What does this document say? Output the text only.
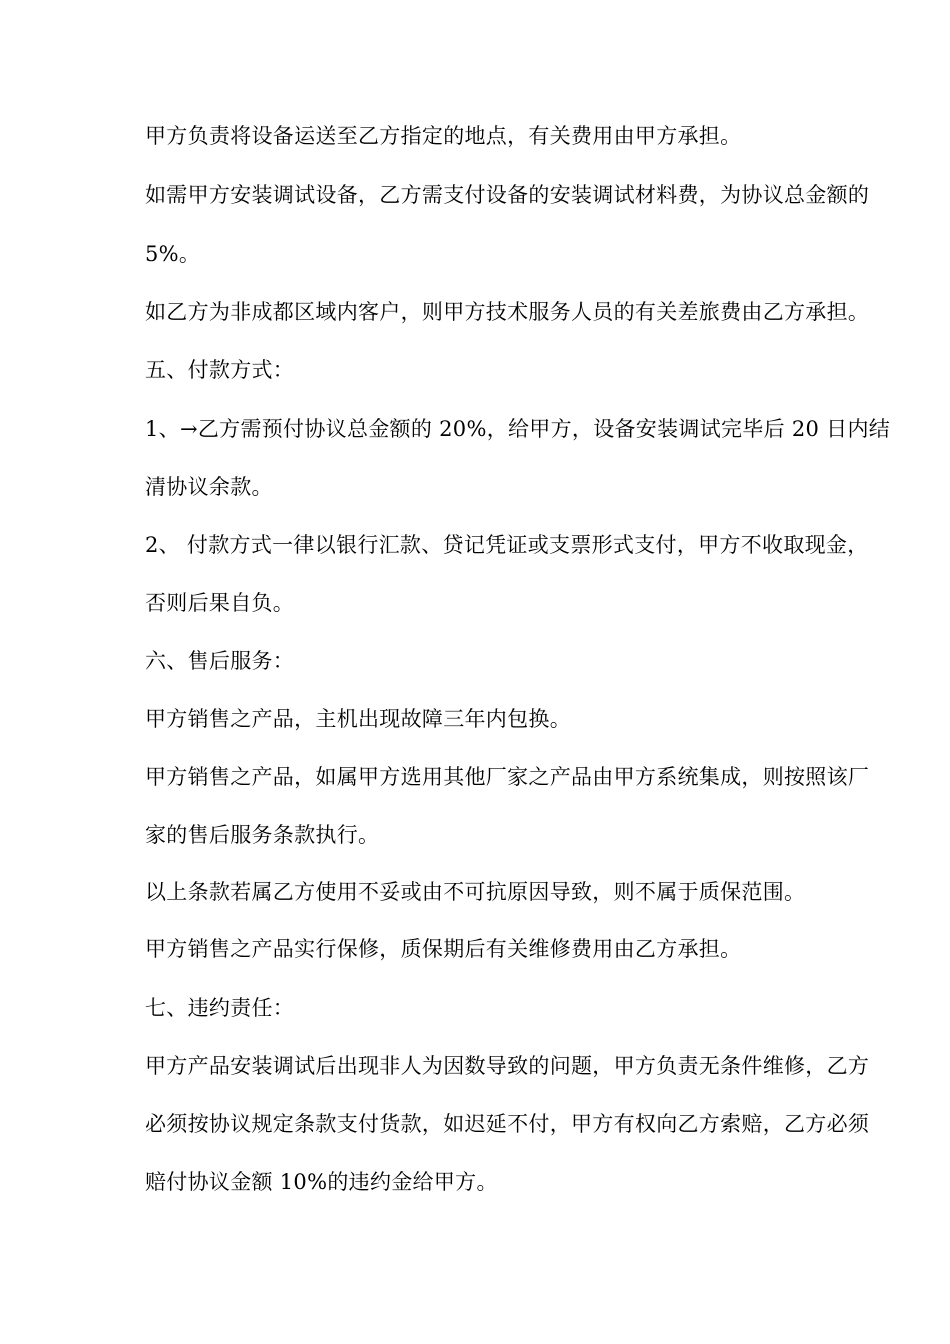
甲方负责将设备运送至乙方指定的地点，有关费用由甲方承担。
如需甲方安装调试设备，乙方需支付设备的安装调试材料费，为协议总金额的
5%。
如乙方为非成都区域内客户，则甲方技术服务人员的有关差旅费由乙方承担。
五、付款方式：
1、→乙方需预付协议总金额的 20%，给甲方，设备安装调试完毕后 20 日内结
清协议余款。
2、 付款方式一律以银行汇款、贷记凭证或支票形式支付，甲方不收取现金，
否则后果自负。
六、售后服务：
甲方销售之产品，主机出现故障三年内包换。
甲方销售之产品，如属甲方选用其他厂家之产品由甲方系统集成，则按照该厂
家的售后服务条款执行。
以上条款若属乙方使用不妥或由不可抗原因导致，则不属于质保范围。
甲方销售之产品实行保修，质保期后有关维修费用由乙方承担。
七、违约责任：
甲方产品安装调试后出现非人为因数导致的问题，甲方负责无条件维修，乙方
必须按协议规定条款支付货款，如迟延不付，甲方有权向乙方索赔，乙方必须
赔付协议金额 10%的违约金给甲方。
